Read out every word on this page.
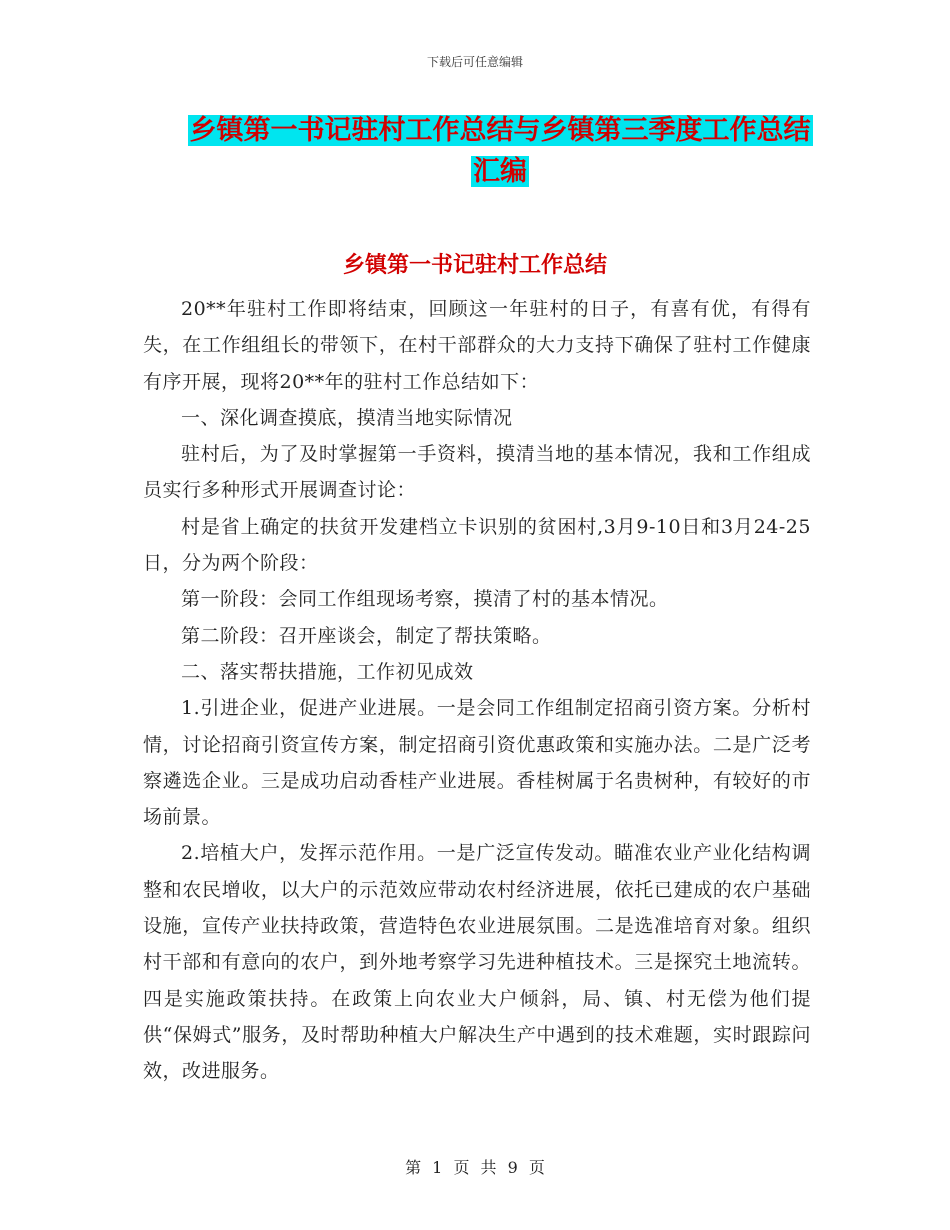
下载后可任意编辑
乡镇第一书记驻村工作总结与乡镇第三季度工作总结
汇编
乡镇第一书记驻村工作总结

20**年驻村工作即将结束，回顾这一年驻村的日子，有喜有优，有得有失，在工作组组长的带领下，在村干部群众的大力支持下确保了驻村工作健康有序开展，现将20**年的驻村工作总结如下：

一、深化调查摸底，摸清当地实际情况

驻村后，为了及时掌握第一手资料，摸清当地的基本情况，我和工作组成员实行多种形式开展调查讨论：

村是省上确定的扶贫开发建档立卡识别的贫困村,3月9-10日和3月24-25日，分为两个阶段：

第一阶段：会同工作组现场考察，摸清了村的基本情况。

第二阶段：召开座谈会，制定了帮扶策略。

二、落实帮扶措施，工作初见成效

1.引进企业，促进产业进展。一是会同工作组制定招商引资方案。分析村情，讨论招商引资宣传方案，制定招商引资优惠政策和实施办法。二是广泛考察遴选企业。三是成功启动香桂产业进展。香桂树属于名贵树种，有较好的市场前景。

2.培植大户，发挥示范作用。一是广泛宣传发动。瞄准农业产业化结构调整和农民增收，以大户的示范效应带动农村经济进展，依托已建成的农户基础设施，宣传产业扶持政策，营造特色农业进展氛围。二是选准培育对象。组织村干部和有意向的农户，到外地考察学习先进种植技术。三是探究土地流转。四是实施政策扶持。在政策上向农业大户倾斜，局、镇、村无偿为他们提供“保姆式”服务，及时帮助种植大户解决生产中遇到的技术难题，实时跟踪问效，改进服务。

第 1 页 共 9 页
